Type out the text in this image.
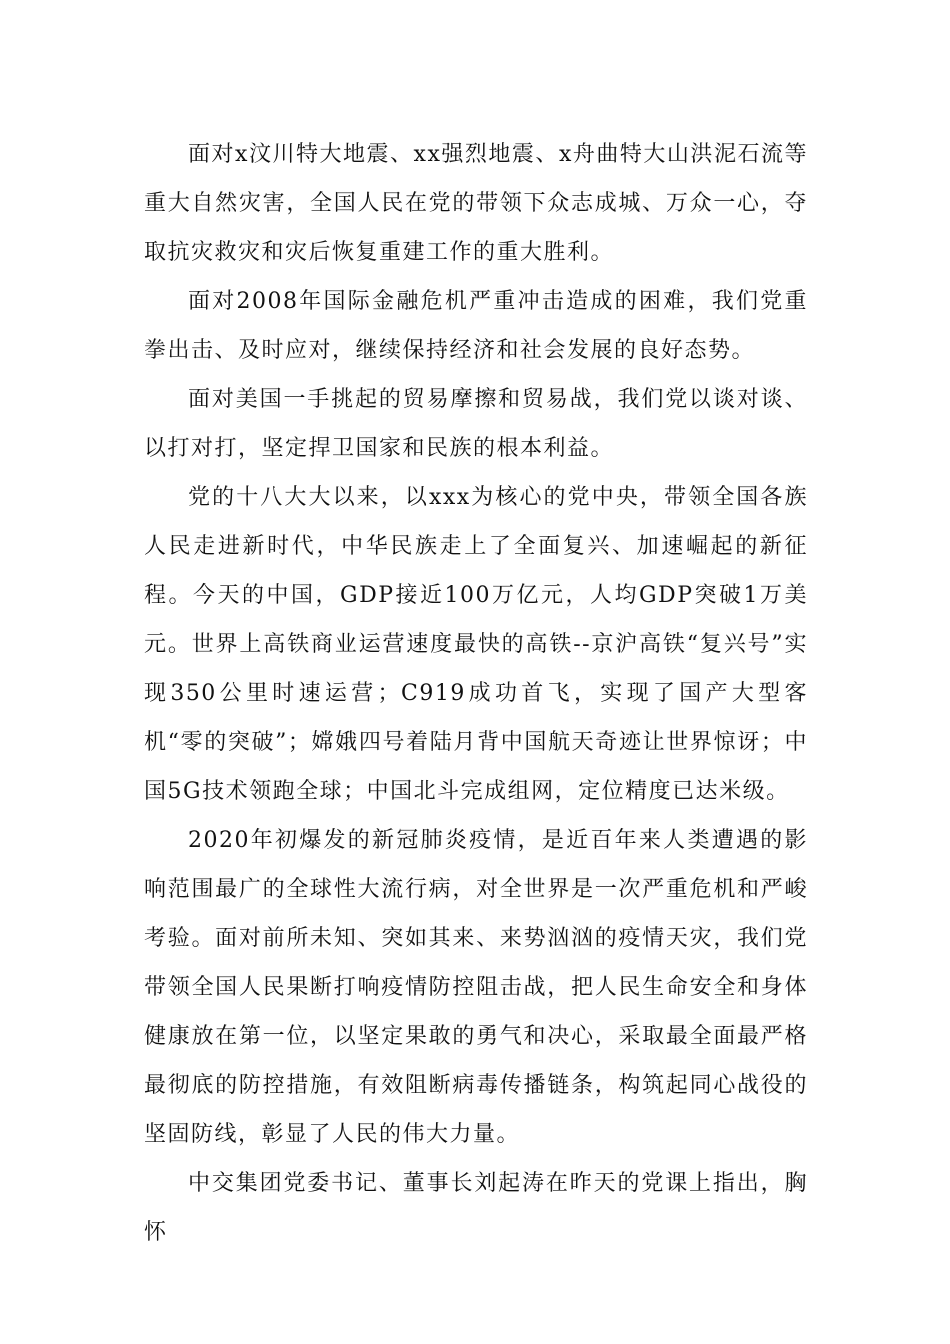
面对x汶川特大地震、xx强烈地震、x舟曲特大山洪泥石流等重大自然灾害，全国人民在党的带领下众志成城、万众一心，夺取抗灾救灾和灾后恢复重建工作的重大胜利。

面对2008年国际金融危机严重冲击造成的困难，我们党重拳出击、及时应对，继续保持经济和社会发展的良好态势。

面对美国一手挑起的贸易摩擦和贸易战，我们党以谈对谈、以打对打，坚定捍卫国家和民族的根本利益。

党的十八大大以来，以xxx为核心的党中央，带领全国各族人民走进新时代，中华民族走上了全面复兴、加速崛起的新征程。今天的中国，GDP接近100万亿元，人均GDP突破1万美元。世界上高铁商业运营速度最快的高铁--京沪高铁“复兴号”实现350公里时速运营；C919成功首飞，实现了国产大型客机“零的突破”；嫦娥四号着陆月背中国航天奇迹让世界惊讶；中国5G技术领跑全球；中国北斗完成组网，定位精度已达米级。

2020年初爆发的新冠肺炎疫情，是近百年来人类遭遇的影响范围最广的全球性大流行病，对全世界是一次严重危机和严峻考验。面对前所未知、突如其来、来势汹汹的疫情天灾，我们党带领全国人民果断打响疫情防控阻击战，把人民生命安全和身体健康放在第一位，以坚定果敢的勇气和决心，采取最全面最严格最彻底的防控措施，有效阻断病毒传播链条，构筑起同心战役的坚固防线，彰显了人民的伟大力量。

中交集团党委书记、董事长刘起涛在昨天的党课上指出，胸怀
